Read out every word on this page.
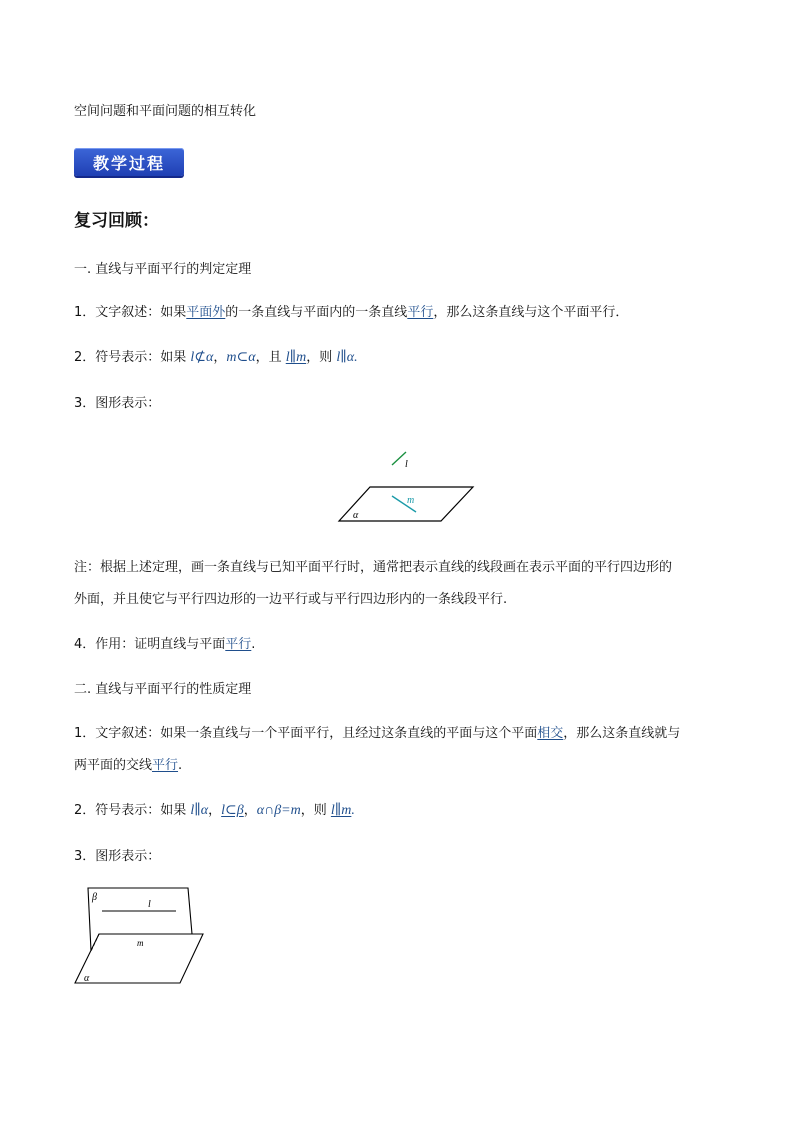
空间问题和平面问题的相互转化
教学过程
复习回顾：
一. 直线与平面平行的判定定理
1．文字叙述：如果平面外的一条直线与平面内的一条直线平行，那么这条直线与这个平面平行．
2．符号表示：如果 l⊄α，m⊂α，且 l∥m，则 l∥α.
3．图形表示：
l
m
α
注：根据上述定理，画一条直线与已知平面平行时，通常把表示直线的线段画在表示平面的平行四边形的
外面，并且使它与平行四边形的一边平行或与平行四边形内的一条线段平行.
4．作用：证明直线与平面平行.
二. 直线与平面平行的性质定理
1．文字叙述：如果一条直线与一个平面平行，且经过这条直线的平面与这个平面相交，那么这条直线就与
两平面的交线平行.
2．符号表示：如果 l∥α，l⊂β，α∩β=m，则 l∥m.
3．图形表示：
β
l
m
α
